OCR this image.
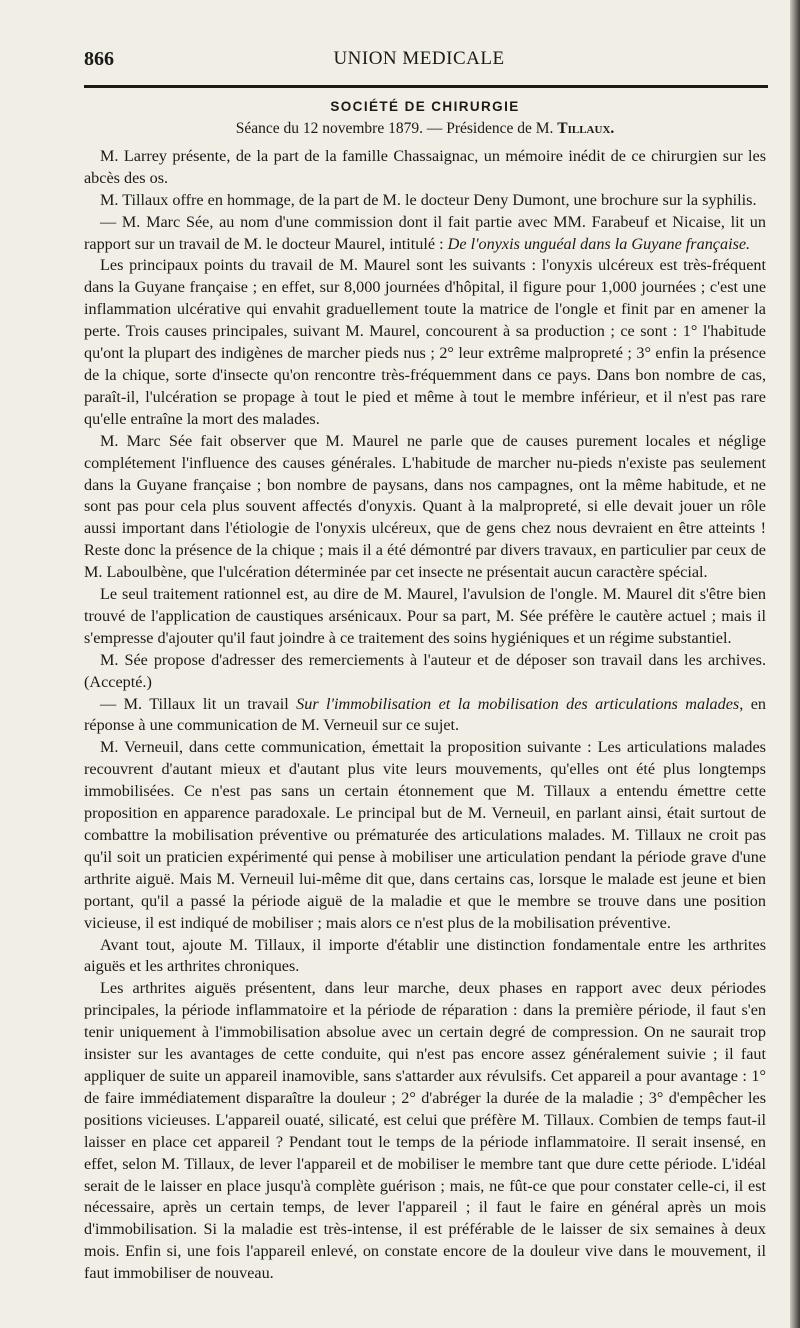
866	UNION MEDICALE
SOCIÉTÉ DE CHIRURGIE

Séance du 12 novembre 1879. — Présidence de M. Tillaux.

M. Larrey présente, de la part de la famille Chassaignac, un mémoire inédit de ce chirurgien sur les abcès des os.

M. Tillaux offre en hommage, de la part de M. le docteur Deny Dumont, une brochure sur la syphilis.

— M. Marc Sée, au nom d'une commission dont il fait partie avec MM. Farabeuf et Nicaise, lit un rapport sur un travail de M. le docteur Maurel, intitulé : De l'onyxis unguéal dans la Guyane française.

Les principaux points du travail de M. Maurel sont les suivants : l'onyxis ulcéreux est très-fréquent dans la Guyane française ; en effet, sur 8,000 journées d'hôpital, il figure pour 1,000 journées ; c'est une inflammation ulcérative qui envahit graduellement toute la matrice de l'ongle et finit par en amener la perte. Trois causes principales, suivant M. Maurel, concourent à sa production ; ce sont : 1° l'habitude qu'ont la plupart des indigènes de marcher pieds nus ; 2° leur extrême malpropreté ; 3° enfin la présence de la chique, sorte d'insecte qu'on rencontre très-fréquemment dans ce pays. Dans bon nombre de cas, paraît-il, l'ulcération se propage à tout le pied et même à tout le membre inférieur, et il n'est pas rare qu'elle entraîne la mort des malades.

M. Marc Sée fait observer que M. Maurel ne parle que de causes purement locales et néglige complétement l'influence des causes générales. L'habitude de marcher nu-pieds n'existe pas seulement dans la Guyane française ; bon nombre de paysans, dans nos campagnes, ont la même habitude, et ne sont pas pour cela plus souvent affectés d'onyxis. Quant à la malpropreté, si elle devait jouer un rôle aussi important dans l'étiologie de l'onyxis ulcéreux, que de gens chez nous devraient en être atteints ! Reste donc la présence de la chique ; mais il a été démontré par divers travaux, en particulier par ceux de M. Laboulbène, que l'ulcération déterminée par cet insecte ne présentait aucun caractère spécial.

Le seul traitement rationnel est, au dire de M. Maurel, l'avulsion de l'ongle. M. Maurel dit s'être bien trouvé de l'application de caustiques arsénicaux. Pour sa part, M. Sée préfère le cautère actuel ; mais il s'empresse d'ajouter qu'il faut joindre à ce traitement des soins hygiéniques et un régime substantiel.

M. Sée propose d'adresser des remerciements à l'auteur et de déposer son travail dans les archives. (Accepté.)

— M. Tillaux lit un travail Sur l'immobilisation et la mobilisation des articulations malades, en réponse à une communication de M. Verneuil sur ce sujet.

M. Verneuil, dans cette communication, émettait la proposition suivante : Les articulations malades recouvrent d'autant mieux et d'autant plus vite leurs mouvements, qu'elles ont été plus longtemps immobilisées. Ce n'est pas sans un certain étonnement que M. Tillaux a entendu émettre cette proposition en apparence paradoxale. Le principal but de M. Verneuil, en parlant ainsi, était surtout de combattre la mobilisation préventive ou prématurée des articulations malades. M. Tillaux ne croit pas qu'il soit un praticien expérimenté qui pense à mobiliser une articulation pendant la période grave d'une arthrite aiguë. Mais M. Verneuil lui-même dit que, dans certains cas, lorsque le malade est jeune et bien portant, qu'il a passé la période aiguë de la maladie et que le membre se trouve dans une position vicieuse, il est indiqué de mobiliser ; mais alors ce n'est plus de la mobilisation préventive.

Avant tout, ajoute M. Tillaux, il importe d'établir une distinction fondamentale entre les arthrites aiguës et les arthrites chroniques.

Les arthrites aiguës présentent, dans leur marche, deux phases en rapport avec deux périodes principales, la période inflammatoire et la période de réparation : dans la première période, il faut s'en tenir uniquement à l'immobilisation absolue avec un certain degré de compression. On ne saurait trop insister sur les avantages de cette conduite, qui n'est pas encore assez généralement suivie ; il faut appliquer de suite un appareil inamovible, sans s'attarder aux révulsifs. Cet appareil a pour avantage : 1° de faire immédiatement disparaître la douleur ; 2° d'abréger la durée de la maladie ; 3° d'empêcher les positions vicieuses. L'appareil ouaté, silicaté, est celui que préfère M. Tillaux. Combien de temps faut-il laisser en place cet appareil ? Pendant tout le temps de la période inflammatoire. Il serait insensé, en effet, selon M. Tillaux, de lever l'appareil et de mobiliser le membre tant que dure cette période. L'idéal serait de le laisser en place jusqu'à complète guérison ; mais, ne fût-ce que pour constater celle-ci, il est nécessaire, après un certain temps, de lever l'appareil ; il faut le faire en général après un mois d'immobilisation. Si la maladie est très-intense, il est préférable de le laisser de six semaines à deux mois. Enfin si, une fois l'appareil enlevé, on constate encore de la douleur vive dans le mouvement, il faut immobiliser de nouveau.
